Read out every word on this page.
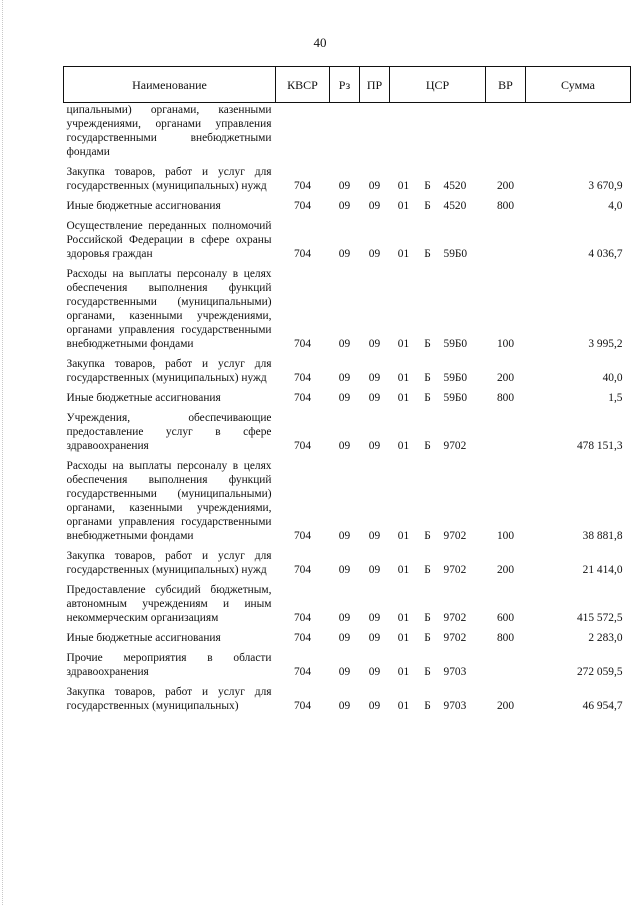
40
Наименование	КВСР	Рз	ПР	ЦСР			ВР	Сумма
ципальными) органами, казенными учреждениями, органами управления государственными внебюджетными фондами								
Закупка товаров, работ и услуг для государственных (муниципальных) нужд	704	09	09	01	Б	4520	200	3 670,9
Иные бюджетные ассигнования	704	09	09	01	Б	4520	800	4,0
Осуществление переданных полномочий Российской Федерации в сфере охраны здоровья граждан	704	09	09	01	Б	59Б0		4 036,7
Расходы на выплаты персоналу в целях обеспечения выполнения функций государственными (муниципальными) органами, казенными учреждениями, органами управления государственными внебюджетными фондами	704	09	09	01	Б	59Б0	100	3 995,2
Закупка товаров, работ и услуг для государственных (муниципальных) нужд	704	09	09	01	Б	59Б0	200	40,0
Иные бюджетные ассигнования	704	09	09	01	Б	59Б0	800	1,5
Учреждения, обеспечивающие предоставление услуг в сфере здравоохранения	704	09	09	01	Б	9702		478 151,3
Расходы на выплаты персоналу в целях обеспечения выполнения функций государственными (муниципальными) органами, казенными учреждениями, органами управления государственными внебюджетными фондами	704	09	09	01	Б	9702	100	38 881,8
Закупка товаров, работ и услуг для государственных (муниципальных) нужд	704	09	09	01	Б	9702	200	21 414,0
Предоставление субсидий бюджетным, автономным учреждениям и иным некоммерческим организациям	704	09	09	01	Б	9702	600	415 572,5
Иные бюджетные ассигнования	704	09	09	01	Б	9702	800	2 283,0
Прочие мероприятия в области здравоохранения	704	09	09	01	Б	9703		272 059,5
Закупка товаров, работ и услуг для государственных (муниципальных)	704	09	09	01	Б	9703	200	46 954,7
